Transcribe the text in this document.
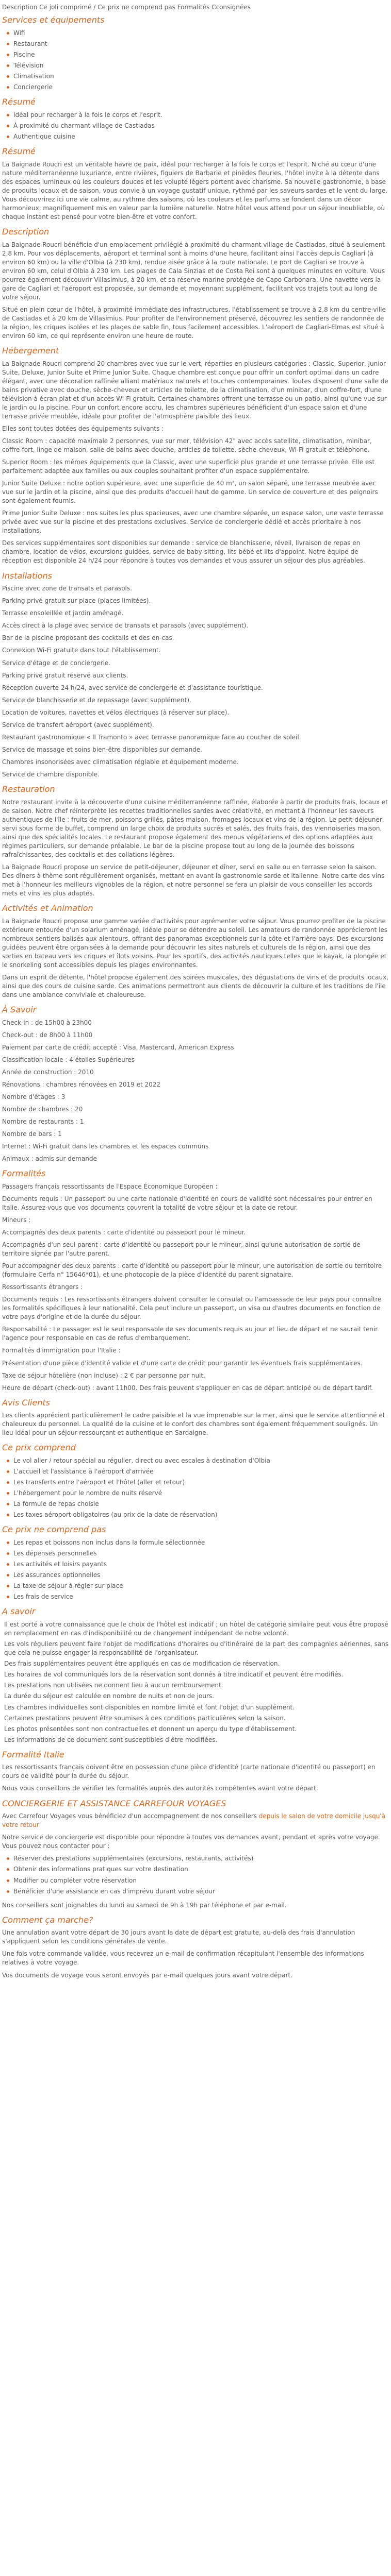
Description Ce joli comprimé / Ce prix ne comprend pas Formalités Cconsignées

Services et équipements
Wifi
Restaurant
Piscine
Télévision
Climatisation
Conciergerie
Résumé
Idéal pour recharger à la fois le corps et l'esprit.
À proximité du charmant village de Castiadas
Authentique cuisine
Résumé

La Baignade Roucri est un véritable havre de paix, idéal pour recharger à la fois le corps et l'esprit. Niché au cœur d'une nature méditerranéenne luxuriante, entre rivières, figuiers de Barbarie et pinèdes fleuries, l'hôtel invite à la détente dans des espaces lumineux où les couleurs douces et les volupté légers portent avec charisme. Sa nouvelle gastronomie, à base de produits locaux et de saison, vous convie à un voyage gustatif unique, rythmé par les saveurs sardes et le vent du large. Vous découvrirez ici une vie calme, au rythme des saisons, où les couleurs et les parfums se fondent dans un décor harmonieux, magnifiquement mis en valeur par la lumière naturelle. Notre hôtel vous attend pour un séjour inoubliable, où chaque instant est pensé pour votre bien-être et votre confort.

Description

La Baignade Roucri bénéficie d'un emplacement privilégié à proximité du charmant village de Castiadas, situé à seulement 2,8 km. Pour vos déplacements, aéroport et terminal sont à moins d'une heure, facilitant ainsi l'accès depuis Cagliari (à environ 60 km) ou la ville d'Olbia (à 230 km), rendue aisée grâce à la route nationale. Le port de Cagliari se trouve à environ 60 km, celui d'Olbia à 230 km. Les plages de Cala Sinzias et de Costa Rei sont à quelques minutes en voiture. Vous pourrez également découvrir Villasimius, à 20 km, et sa réserve marine protégée de Capo Carbonara. Une navette vers la gare de Cagliari et l'aéroport est proposée, sur demande et moyennant supplément, facilitant vos trajets tout au long de votre séjour.

Situé en plein cœur de l'hôtel, à proximité immédiate des infrastructures, l'établissement se trouve à 2,8 km du centre-ville de Castiadas et à 20 km de Villasimius. Pour profiter de l'environnement préservé, découvrez les sentiers de randonnée de la région, les criques isolées et les plages de sable fin, tous facilement accessibles. L'aéroport de Cagliari-Elmas est situé à environ 60 km, ce qui représente environ une heure de route.

Hébergement

La Baignade Roucri comprend 20 chambres avec vue sur le vert, réparties en plusieurs catégories : Classic, Superior, Junior Suite, Deluxe, Junior Suite et Prime Junior Suite. Chaque chambre est conçue pour offrir un confort optimal dans un cadre élégant, avec une décoration raffinée alliant matériaux naturels et touches contemporaines. Toutes disposent d'une salle de bains privative avec douche, sèche-cheveux et articles de toilette, de la climatisation, d'un minibar, d'un coffre-fort, d'une télévision à écran plat et d'un accès Wi-Fi gratuit. Certaines chambres offrent une terrasse ou un patio, ainsi qu'une vue sur le jardin ou la piscine. Pour un confort encore accru, les chambres supérieures bénéficient d'un espace salon et d'une terrasse privée meublée, idéale pour profiter de l'atmosphère paisible des lieux.

Elles sont toutes dotées des équipements suivants :

Classic Room : capacité maximale 2 personnes, vue sur mer, télévision 42" avec accès satellite, climatisation, minibar, coffre-fort, linge de maison, salle de bains avec douche, articles de toilette, sèche-cheveux, Wi-Fi gratuit et téléphone.

Superior Room : les mêmes équipements que la Classic, avec une superficie plus grande et une terrasse privée. Elle est parfaitement adaptée aux familles ou aux couples souhaitant profiter d'un espace supplémentaire.

Junior Suite Deluxe : notre option supérieure, avec une superficie de 40 m², un salon séparé, une terrasse meublée avec vue sur le jardin et la piscine, ainsi que des produits d'accueil haut de gamme. Un service de couverture et des peignoirs sont également fournis.

Prime Junior Suite Deluxe : nos suites les plus spacieuses, avec une chambre séparée, un espace salon, une vaste terrasse privée avec vue sur la piscine et des prestations exclusives. Service de conciergerie dédié et accès prioritaire à nos installations.

Des services supplémentaires sont disponibles sur demande : service de blanchisserie, réveil, livraison de repas en chambre, location de vélos, excursions guidées, service de baby-sitting, lits bébé et lits d'appoint. Notre équipe de réception est disponible 24 h/24 pour répondre à toutes vos demandes et vous assurer un séjour des plus agréables.

Installations

Piscine avec zone de transats et parasols.

Parking privé gratuit sur place (places limitées).

Terrasse ensoleillée et jardin aménagé.

Accès direct à la plage avec service de transats et parasols (avec supplément).

Bar de la piscine proposant des cocktails et des en-cas.

Connexion Wi-Fi gratuite dans tout l'établissement.

Service d'étage et de conciergerie.

Parking privé gratuit réservé aux clients.

Réception ouverte 24 h/24, avec service de conciergerie et d'assistance touristique.

Service de blanchisserie et de repassage (avec supplément).

Location de voitures, navettes et vélos électriques (à réserver sur place).

Service de transfert aéroport (avec supplément).

Restaurant gastronomique « Il Tramonto » avec terrasse panoramique face au coucher de soleil.

Service de massage et soins bien-être disponibles sur demande.

Chambres insonorisées avec climatisation réglable et équipement moderne.

Service de chambre disponible.

Restauration

Notre restaurant invite à la découverte d'une cuisine méditerranéenne raffinée, élaborée à partir de produits frais, locaux et de saison. Notre chef réinterprète les recettes traditionnelles sardes avec créativité, en mettant à l'honneur les saveurs authentiques de l'île : fruits de mer, poissons grillés, pâtes maison, fromages locaux et vins de la région. Le petit-déjeuner, servi sous forme de buffet, comprend un large choix de produits sucrés et salés, des fruits frais, des viennoiseries maison, ainsi que des spécialités locales. Le restaurant propose également des menus végétariens et des options adaptées aux régimes particuliers, sur demande préalable. Le bar de la piscine propose tout au long de la journée des boissons rafraîchissantes, des cocktails et des collations légères.

La Baignade Roucri propose un service de petit-déjeuner, déjeuner et dîner, servi en salle ou en terrasse selon la saison. Des dîners à thème sont régulièrement organisés, mettant en avant la gastronomie sarde et italienne. Notre carte des vins met à l'honneur les meilleurs vignobles de la région, et notre personnel se fera un plaisir de vous conseiller les accords mets et vins les plus adaptés.

Activités et Animation

La Baignade Roucri propose une gamme variée d'activités pour agrémenter votre séjour. Vous pourrez profiter de la piscine extérieure entourée d'un solarium aménagé, idéale pour se détendre au soleil. Les amateurs de randonnée apprécieront les nombreux sentiers balisés aux alentours, offrant des panoramas exceptionnels sur la côte et l'arrière-pays. Des excursions guidées peuvent être organisées à la demande pour découvrir les sites naturels et culturels de la région, ainsi que des sorties en bateau vers les criques et îlots voisins. Pour les sportifs, des activités nautiques telles que le kayak, la plongée et le snorkeling sont accessibles depuis les plages environnantes.

Dans un esprit de détente, l'hôtel propose également des soirées musicales, des dégustations de vins et de produits locaux, ainsi que des cours de cuisine sarde. Ces animations permettront aux clients de découvrir la culture et les traditions de l'île dans une ambiance conviviale et chaleureuse.

À Savoir

Check-in : de 15h00 à 23h00

Check-out : de 8h00 à 11h00

Paiement par carte de crédit accepté : Visa, Mastercard, American Express

Classification locale : 4 étoiles Supérieures

Année de construction : 2010

Rénovations : chambres rénovées en 2019 et 2022

Nombre d'étages : 3

Nombre de chambres : 20

Nombre de restaurants : 1

Nombre de bars : 1

Internet : Wi-Fi gratuit dans les chambres et les espaces communs

Animaux : admis sur demande

Formalités

Passagers français ressortissants de l'Espace Économique Européen :

Documents requis : Un passeport ou une carte nationale d'identité en cours de validité sont nécessaires pour entrer en Italie. Assurez-vous que vos documents couvrent la totalité de votre séjour et la date de retour.

Mineurs :

Accompagnés des deux parents : carte d'identité ou passeport pour le mineur.

Accompagnés d'un seul parent : carte d'identité ou passeport pour le mineur, ainsi qu'une autorisation de sortie de territoire signée par l'autre parent.

Pour accompagner des deux parents : carte d'identité ou passeport pour le mineur, une autorisation de sortie du territoire (formulaire Cerfa n° 15646*01), et une photocopie de la pièce d'identité du parent signataire.

Ressortissants étrangers :

Documents requis : Les ressortissants étrangers doivent consulter le consulat ou l'ambassade de leur pays pour connaître les formalités spécifiques à leur nationalité. Cela peut inclure un passeport, un visa ou d'autres documents en fonction de votre pays d'origine et de la durée du séjour.

Responsabilité : Le passager est le seul responsable de ses documents requis au jour et lieu de départ et ne saurait tenir l'agence pour responsable en cas de refus d'embarquement.

Formalités d'immigration pour l'Italie :

Présentation d'une pièce d'identité valide et d'une carte de crédit pour garantir les éventuels frais supplémentaires.

Taxe de séjour hôtelière (non incluse) : 2 € par personne par nuit.

Heure de départ (check-out) : avant 11h00. Des frais peuvent s'appliquer en cas de départ anticipé ou de départ tardif.

Avis Clients

Les clients apprécient particulièrement le cadre paisible et la vue imprenable sur la mer, ainsi que le service attentionné et chaleureux du personnel. La qualité de la cuisine et le confort des chambres sont également fréquemment soulignés. Un lieu idéal pour un séjour ressourçant et authentique en Sardaigne.

Ce prix comprend
Le vol aller / retour spécial au régulier, direct ou avec escales à destination d'Olbia
L'accueil et l'assistance à l'aéroport d'arrivée
Les transferts entre l'aéroport et l'hôtel (aller et retour)
L'hébergement pour le nombre de nuits réservé
La formule de repas choisie
Les taxes aéroport obligatoires (au prix de la date de réservation)
Ce prix ne comprend pas
Les repas et boissons non inclus dans la formule sélectionnée
Les dépenses personnelles
Les activités et loisirs payants
Les assurances optionnelles
La taxe de séjour à régler sur place
Les frais de service
A savoir
Il est porté à votre connaissance que le choix de l'hôtel est indicatif ; un hôtel de catégorie similaire peut vous être proposé en remplacement en cas d'indisponibilité ou de changement indépendant de notre volonté.
Les vols réguliers peuvent faire l'objet de modifications d'horaires ou d'itinéraire de la part des compagnies aériennes, sans que cela ne puisse engager la responsabilité de l'organisateur.
Des frais supplémentaires peuvent être appliqués en cas de modification de réservation.
Les horaires de vol communiqués lors de la réservation sont donnés à titre indicatif et peuvent être modifiés.
Les prestations non utilisées ne donnent lieu à aucun remboursement.
La durée du séjour est calculée en nombre de nuits et non de jours.
Les chambres individuelles sont disponibles en nombre limité et font l'objet d'un supplément.
Certaines prestations peuvent être soumises à des conditions particulières selon la saison.
Les photos présentées sont non contractuelles et donnent un aperçu du type d'établissement.
Les informations de ce document sont susceptibles d'être modifiées.
Formalité Italie

Les ressortissants français doivent être en possession d'une pièce d'identité (carte nationale d'identité ou passeport) en cours de validité pour la durée du séjour.

Nous vous conseillons de vérifier les formalités auprès des autorités compétentes avant votre départ.

CONCIERGERIE ET ASSISTANCE CARREFOUR VOYAGES

Avec Carrefour Voyages vous bénéficiez d'un accompagnement de nos conseillers depuis le salon de votre domicile jusqu'à votre retour

Notre service de conciergerie est disponible pour répondre à toutes vos demandes avant, pendant et après votre voyage. Vous pouvez nous contacter pour :

Réserver des prestations supplémentaires (excursions, restaurants, activités)
Obtenir des informations pratiques sur votre destination
Modifier ou compléter votre réservation
Bénéficier d'une assistance en cas d'imprévu durant votre séjour

Nos conseillers sont joignables du lundi au samedi de 9h à 19h par téléphone et par e-mail.

Comment ça marche?

Une annulation avant votre départ de 30 jours avant la date de départ est gratuite, au-delà des frais d'annulation s'appliquent selon les conditions générales de vente.

Une fois votre commande validée, vous recevrez un e-mail de confirmation récapitulant l'ensemble des informations relatives à votre voyage.

Vos documents de voyage vous seront envoyés par e-mail quelques jours avant votre départ.
